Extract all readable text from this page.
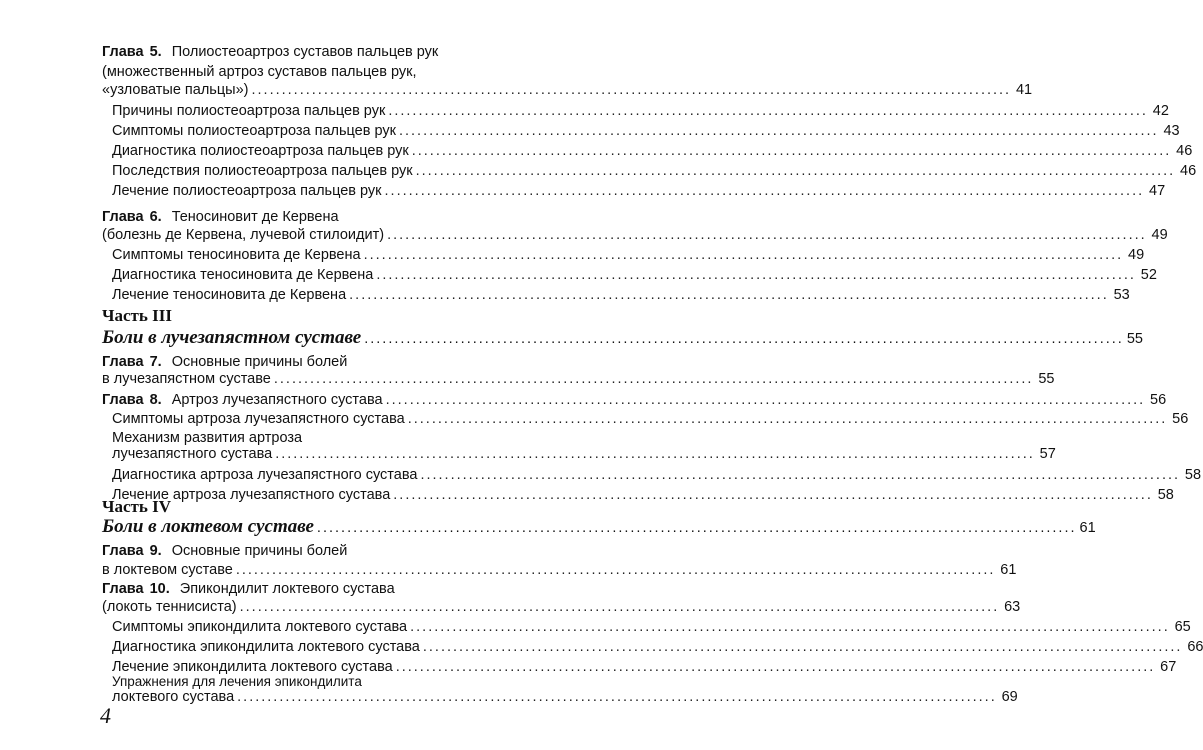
Глава 5. Полиостеоартроз суставов пальцев рук
(множественный артроз суставов пальцев рук,
«узловатые пальцы») .............................................................................................................................. 41
Причины полиостеоартроза пальцев рук .............................................................................................................................. 42
Симптомы полиостеоартроза пальцев рук .............................................................................................................................. 43
Диагностика полиостеоартроза пальцев рук .............................................................................................................................. 46
Последствия полиостеоартроза пальцев рук .............................................................................................................................. 46
Лечение полиостеоартроза пальцев рук .............................................................................................................................. 47
Глава 6. Теносиновит де Кервена
(болезнь де Кервена, лучевой стилоидит) .............................................................................................................................. 49
Симптомы теносиновита де Кервена .............................................................................................................................. 49
Диагностика теносиновита де Кервена .............................................................................................................................. 52
Лечение теносиновита де Кервена .............................................................................................................................. 53
Часть III
Боли в лучезапястном суставе .............................................................................................................................. 55
Глава 7. Основные причины болей
в лучезапястном суставе .............................................................................................................................. 55
Глава 8. Артроз лучезапястного сустава .............................................................................................................................. 56
Симптомы артроза лучезапястного сустава .............................................................................................................................. 56
Механизм развития артроза
лучезапястного сустава .............................................................................................................................. 57
Диагностика артроза лучезапястного сустава .............................................................................................................................. 58
Лечение артроза лучезапястного сустава .............................................................................................................................. 58
Часть IV
Боли в локтевом суставе .............................................................................................................................. 61
Глава 9. Основные причины болей
в локтевом суставе .............................................................................................................................. 61
Глава 10. Эпикондилит локтевого сустава
(локоть теннисиста) .............................................................................................................................. 63
Симптомы эпикондилита локтевого сустава .............................................................................................................................. 65
Диагностика эпикондилита локтевого сустава .............................................................................................................................. 66
Лечение эпикондилита локтевого сустава .............................................................................................................................. 67
Упражнения для лечения эпикондилита
локтевого сустава .............................................................................................................................. 69
4
